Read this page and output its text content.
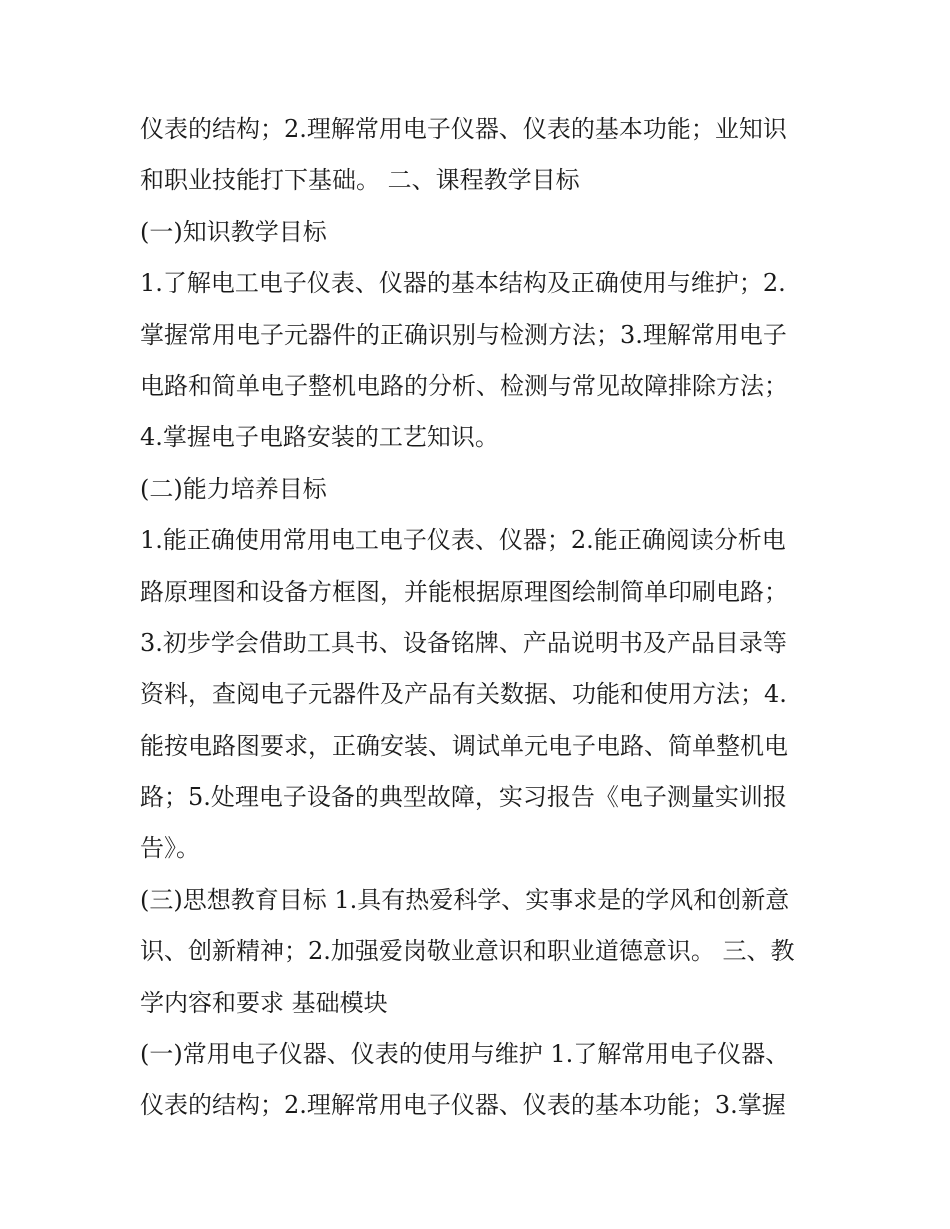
仪表的结构；2.理解常用电子仪器、仪表的基本功能；业知识
和职业技能打下基础。 二、课程教学目标
(一)知识教学目标
1.了解电工电子仪表、仪器的基本结构及正确使用与维护；2.
掌握常用电子元器件的正确识别与检测方法；3.理解常用电子
电路和简单电子整机电路的分析、检测与常见故障排除方法；
4.掌握电子电路安装的工艺知识。
(二)能力培养目标
1.能正确使用常用电工电子仪表、仪器；2.能正确阅读分析电
路原理图和设备方框图，并能根据原理图绘制简单印刷电路；
3.初步学会借助工具书、设备铭牌、产品说明书及产品目录等
资料，查阅电子元器件及产品有关数据、功能和使用方法；4.
能按电路图要求，正确安装、调试单元电子电路、简单整机电
路；5.处理电子设备的典型故障，实习报告《电子测量实训报
告》。
(三)思想教育目标 1.具有热爱科学、实事求是的学风和创新意
识、创新精神；2.加强爱岗敬业意识和职业道德意识。 三、教
学内容和要求 基础模块
(一)常用电子仪器、仪表的使用与维护 1.了解常用电子仪器、
仪表的结构；2.理解常用电子仪器、仪表的基本功能；3.掌握
